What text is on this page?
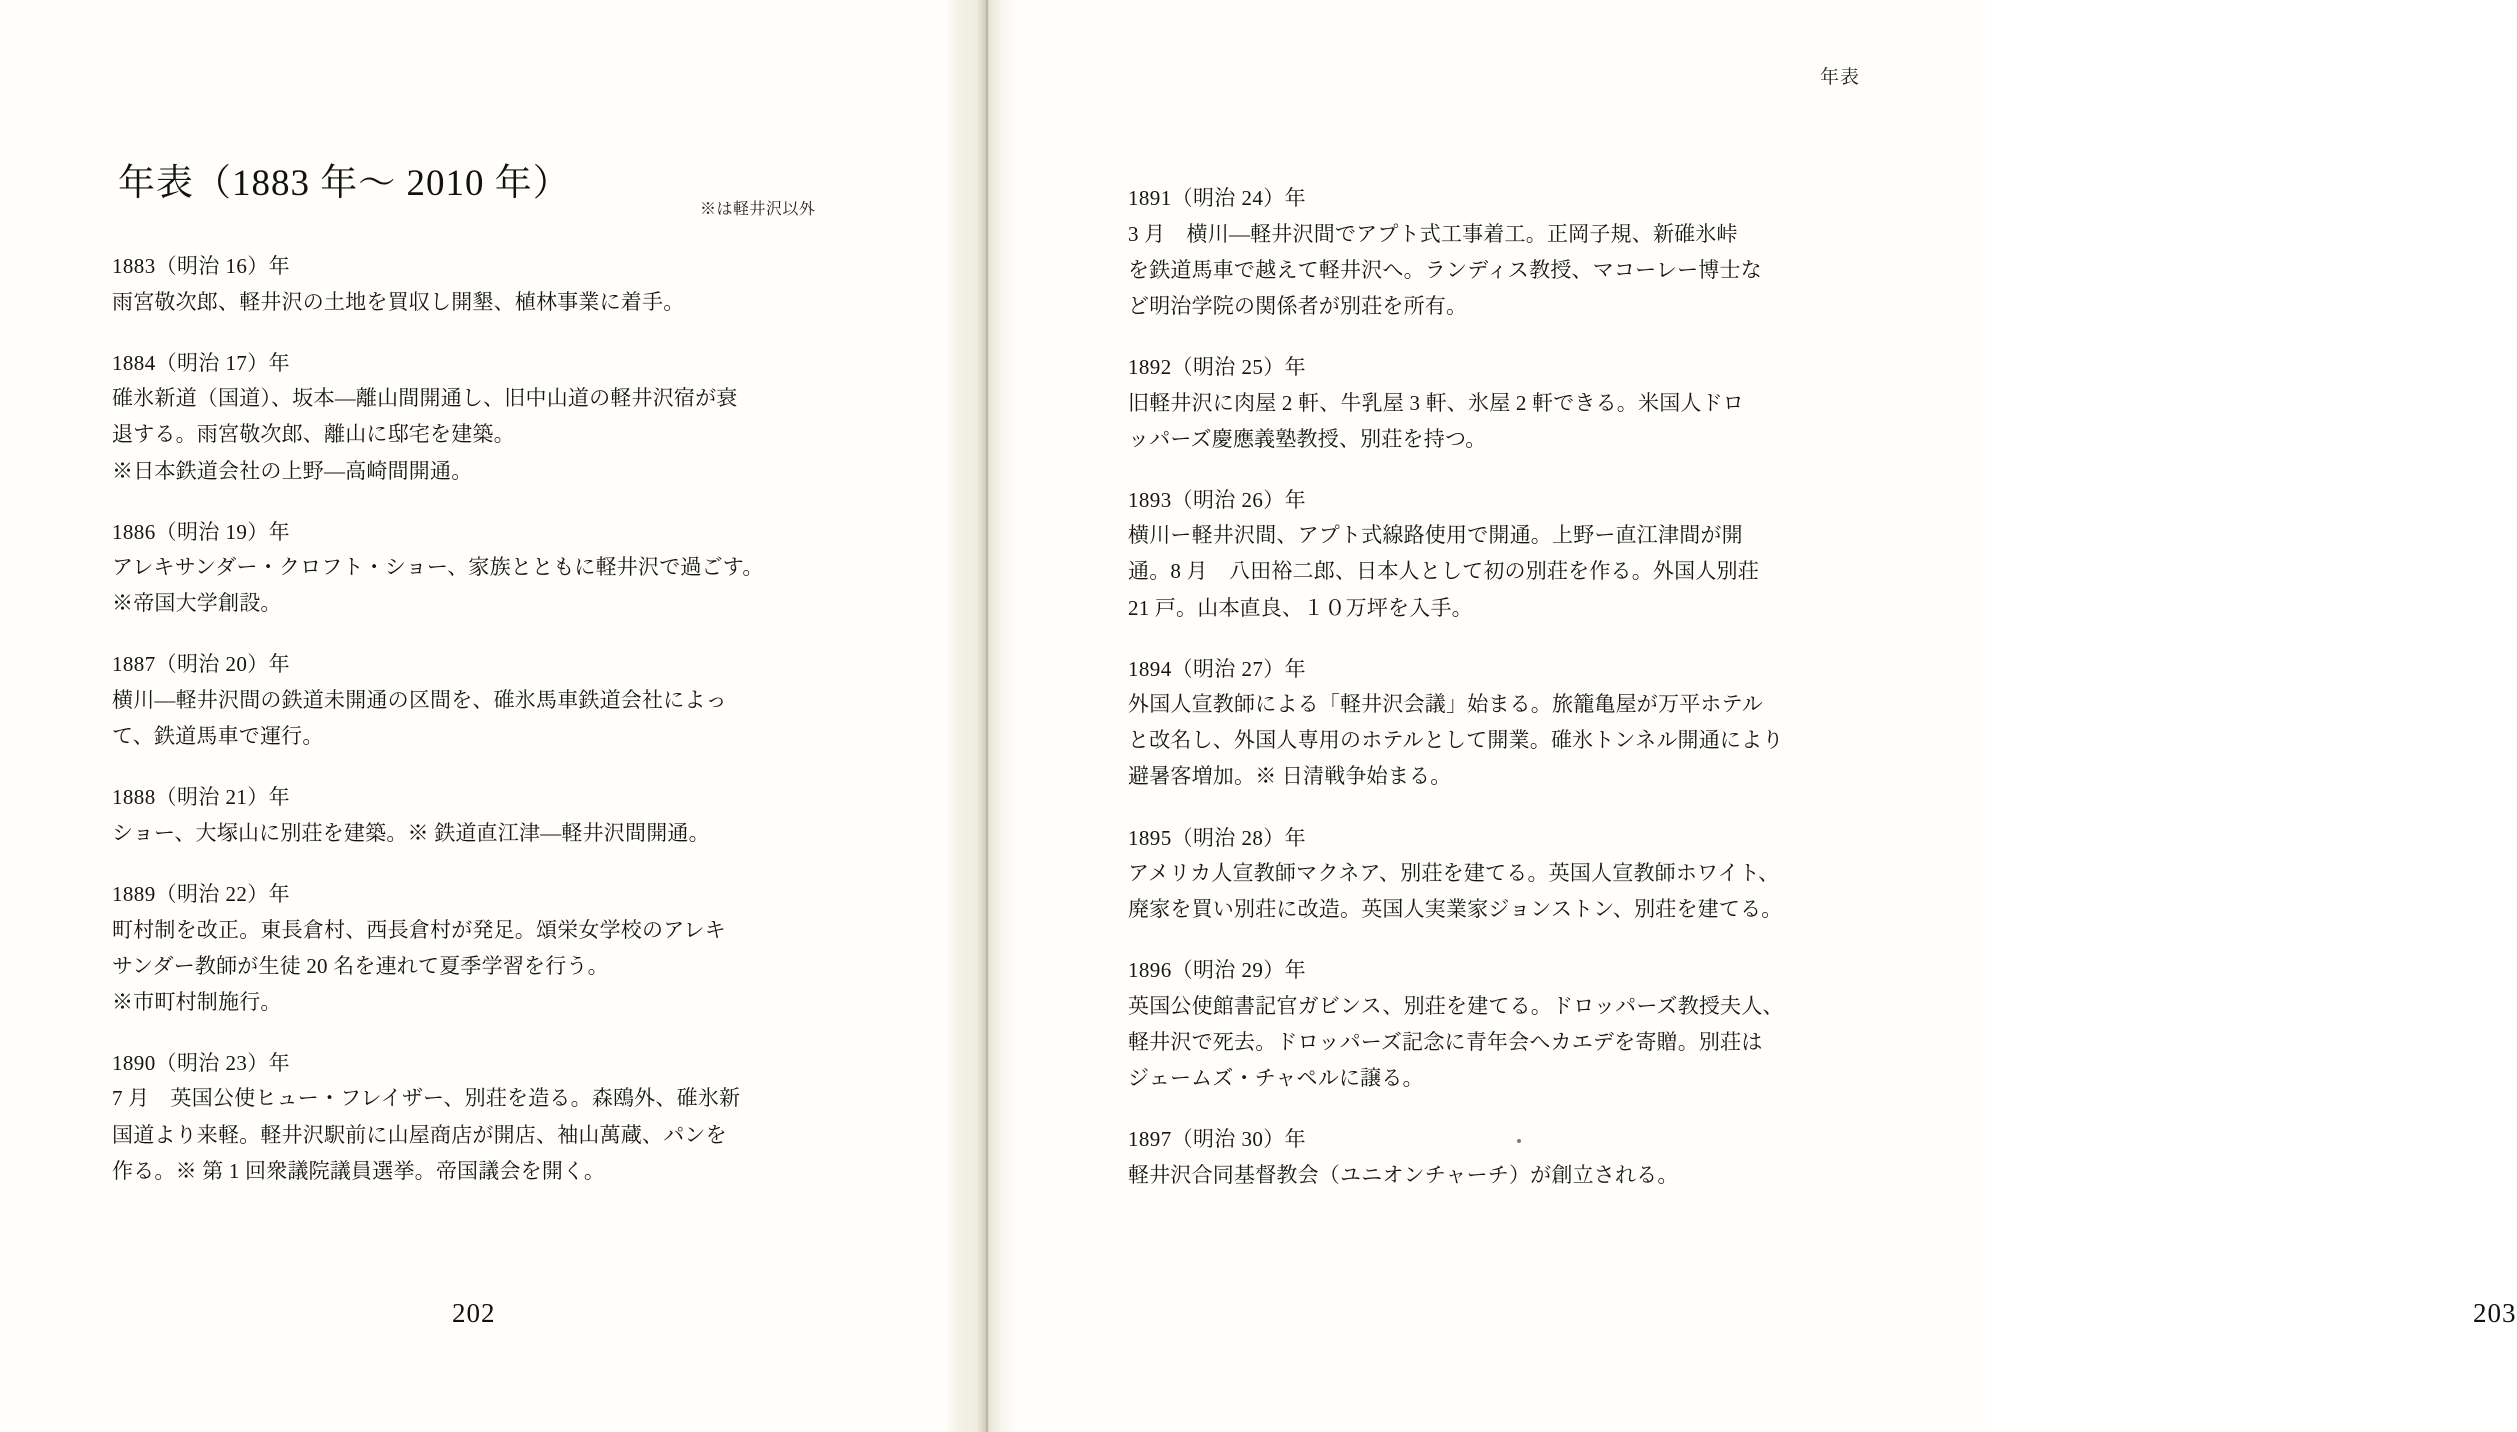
年表（1883 年〜 2010 年）
※は軽井沢以外
1883（明治 16）年
雨宮敬次郎、軽井沢の土地を買収し開墾、植林事業に着手。
1884（明治 17）年
碓氷新道（国道）、坂本—離山間開通し、旧中山道の軽井沢宿が衰
退する。雨宮敬次郎、離山に邸宅を建築。
※日本鉄道会社の上野—高崎間開通。
1886（明治 19）年
アレキサンダー・クロフト・ショー、家族とともに軽井沢で過ごす。
※帝国大学創設。
1887（明治 20）年
横川—軽井沢間の鉄道未開通の区間を、碓氷馬車鉄道会社によっ
て、鉄道馬車で運行。
1888（明治 21）年
ショー、大塚山に別荘を建築。※ 鉄道直江津—軽井沢間開通。
1889（明治 22）年
町村制を改正。東長倉村、西長倉村が発足。頌栄女学校のアレキ
サンダー教師が生徒 20 名を連れて夏季学習を行う。
※市町村制施行。
1890（明治 23）年
7 月　英国公使ヒュー・フレイザー、別荘を造る。森鴎外、碓氷新
国道より来軽。軽井沢駅前に山屋商店が開店、袖山萬蔵、パンを
作る。※ 第 1 回衆議院議員選挙。帝国議会を開く。
202
年表
1891（明治 24）年
3 月　横川—軽井沢間でアプト式工事着工。正岡子規、新碓氷峠
を鉄道馬車で越えて軽井沢へ。ランディス教授、マコーレー博士な
ど明治学院の関係者が別荘を所有。
1892（明治 25）年
旧軽井沢に肉屋 2 軒、牛乳屋 3 軒、氷屋 2 軒できる。米国人ドロ
ッパーズ慶應義塾教授、別荘を持つ。
1893（明治 26）年
横川ー軽井沢間、アプト式線路使用で開通。上野ー直江津間が開
通。8 月　八田裕二郎、日本人として初の別荘を作る。外国人別荘
21 戸。山本直良、１０万坪を入手。
1894（明治 27）年
外国人宣教師による「軽井沢会議」始まる。旅籠亀屋が万平ホテル
と改名し、外国人専用のホテルとして開業。碓氷トンネル開通により
避暑客増加。※ 日清戦争始まる。
1895（明治 28）年
アメリカ人宣教師マクネア、別荘を建てる。英国人宣教師ホワイト、
廃家を買い別荘に改造。英国人実業家ジョンストン、別荘を建てる。
1896（明治 29）年
英国公使館書記官ガビンス、別荘を建てる。ドロッパーズ教授夫人、
軽井沢で死去。ドロッパーズ記念に青年会へカエデを寄贈。別荘は
ジェームズ・チャペルに譲る。
1897（明治 30）年
軽井沢合同基督教会（ユニオンチャーチ）が創立される。
203
